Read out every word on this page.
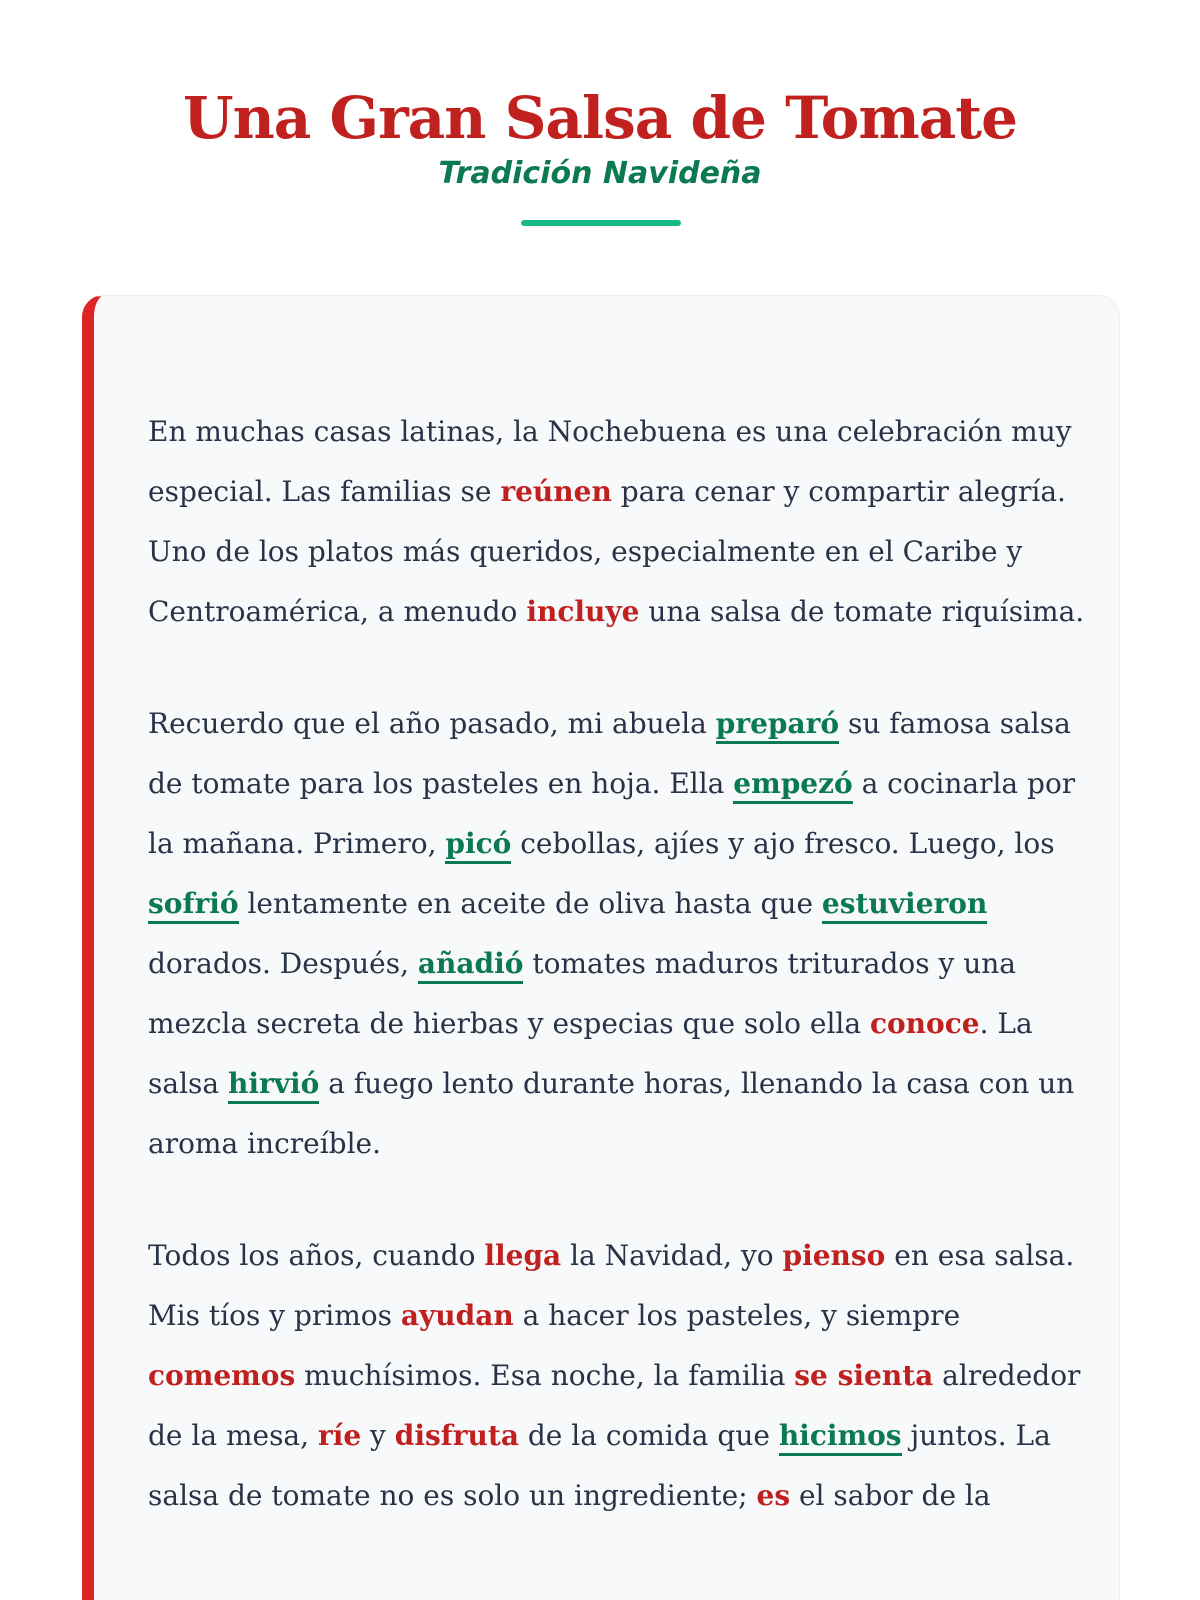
Una Gran Salsa de Tomate

Tradición Navideña

En muchas casas latinas, la Nochebuena es una celebración muy especial. Las familias se reúnen para cenar y compartir alegría. Uno de los platos más queridos, especialmente en el Caribe y Centroamérica, a menudo incluye una salsa de tomate riquísima.

Recuerdo que el año pasado, mi abuela preparó su famosa salsa de tomate para los pasteles en hoja. Ella empezó a cocinarla por la mañana. Primero, picó cebollas, ajíes y ajo fresco. Luego, los sofrió lentamente en aceite de oliva hasta que estuvieron dorados. Después, añadió tomates maduros triturados y una mezcla secreta de hierbas y especias que solo ella conoce. La salsa hirvió a fuego lento durante horas, llenando la casa con un aroma increíble.

Todos los años, cuando llega la Navidad, yo pienso en esa salsa. Mis tíos y primos ayudan a hacer los pasteles, y siempre comemos muchísimos. Esa noche, la familia se sienta alrededor de la mesa, ríe y disfruta de la comida que hicimos juntos. La salsa de tomate no es solo un ingrediente; es el sabor de la
